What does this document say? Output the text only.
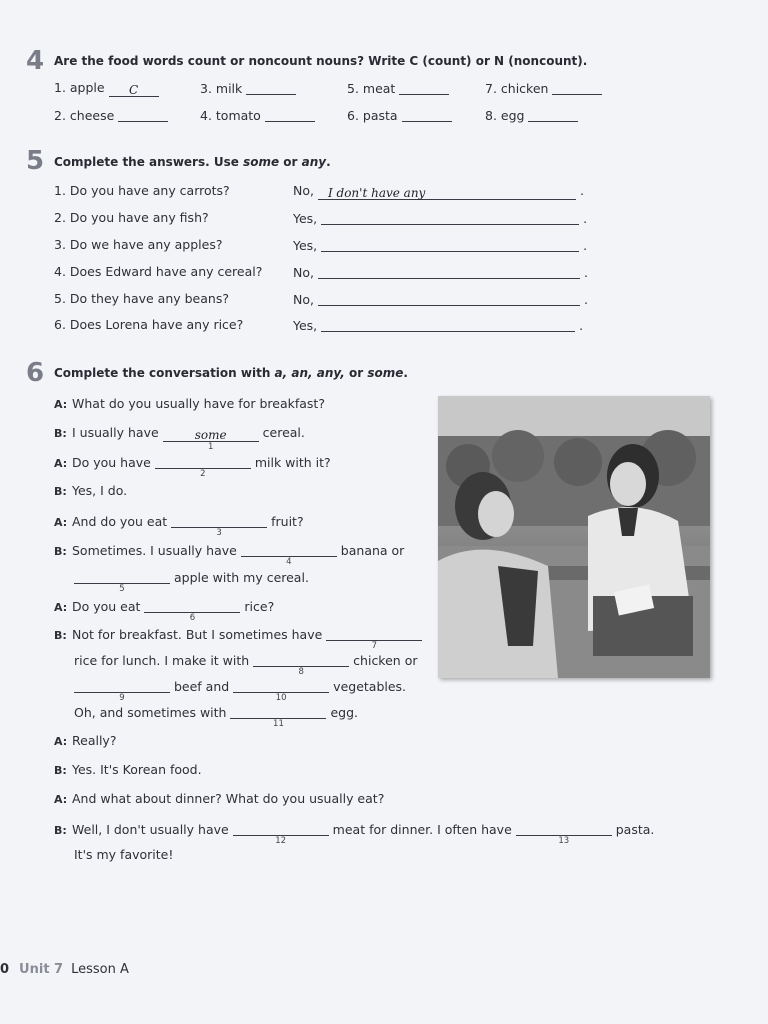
4 Are the food words count or noncount nouns? Write C (count) or N (noncount).
1. apple C
2. cheese
3. milk
4. tomato
5. meat
6. pasta
7. chicken
8. egg
5 Complete the answers. Use some or any.
1. Do you have any carrots?	No, I don't have any	.
2. Do you have any fish?	Yes,	.
3. Do we have any apples?	Yes,	.
4. Does Edward have any cereal? No,	.
5. Do they have any beans?	No,	.
6. Does Lorena have any rice?	Yes,	.
6 Complete the conversation with a, an, any, or some.
A: What do you usually have for breakfast?
B: I usually have	some
1
cereal.
A: Do you have
2
milk with it?
B: Yes, I do.
A: And do you eat
3
fruit?
B: Sometimes. I usually have
4
banana or
5
apple with my cereal.
A: Do you eat
6
rice?
B: Not for breakfast. But I sometimes have
7
rice for lunch. I make it with
8
chicken or
9
beef and
10
vegetables.
Oh, and sometimes with
11
egg.
A: Really?
B: Yes. It's Korean food.
A: And what about dinner? What do you usually eat?
B: Well, I don't usually have
12
meat for dinner. I often have
13
pasta.
It's my favorite!
0 Unit 7 Lesson A
